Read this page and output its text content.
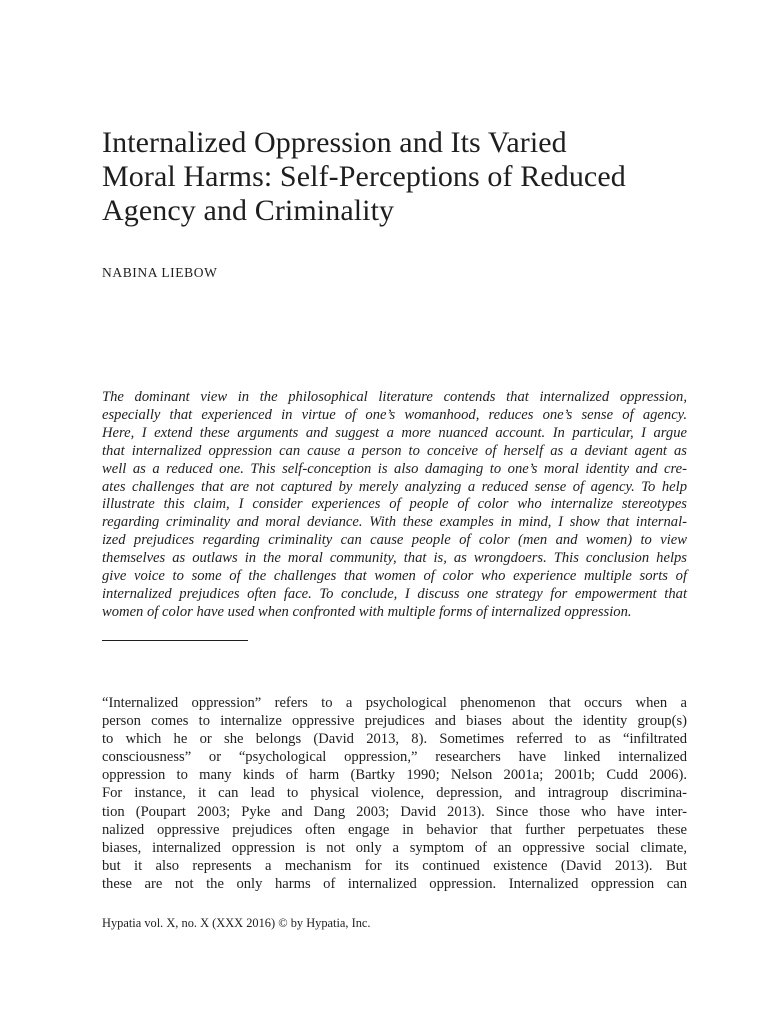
Internalized Oppression and Its Varied
Moral Harms: Self-Perceptions of Reduced
Agency and Criminality

NABINA LIEBOW

The dominant view in the philosophical literature contends that internalized oppression,
especially that experienced in virtue of one’s womanhood, reduces one’s sense of agency.
Here, I extend these arguments and suggest a more nuanced account. In particular, I argue
that internalized oppression can cause a person to conceive of herself as a deviant agent as
well as a reduced one. This self-conception is also damaging to one’s moral identity and cre-
ates challenges that are not captured by merely analyzing a reduced sense of agency. To help
illustrate this claim, I consider experiences of people of color who internalize stereotypes
regarding criminality and moral deviance. With these examples in mind, I show that internal-
ized prejudices regarding criminality can cause people of color (men and women) to view
themselves as outlaws in the moral community, that is, as wrongdoers. This conclusion helps
give voice to some of the challenges that women of color who experience multiple sorts of
internalized prejudices often face. To conclude, I discuss one strategy for empowerment that
women of color have used when confronted with multiple forms of internalized oppression.
“Internalized oppression” refers to a psychological phenomenon that occurs when a
person comes to internalize oppressive prejudices and biases about the identity group(s)
to which he or she belongs (David 2013, 8). Sometimes referred to as “infiltrated
consciousness” or “psychological oppression,” researchers have linked internalized
oppression to many kinds of harm (Bartky 1990; Nelson 2001a; 2001b; Cudd 2006).
For instance, it can lead to physical violence, depression, and intragroup discrimina-
tion (Poupart 2003; Pyke and Dang 2003; David 2013). Since those who have inter-
nalized oppressive prejudices often engage in behavior that further perpetuates these
biases, internalized oppression is not only a symptom of an oppressive social climate,
but it also represents a mechanism for its continued existence (David 2013). But
these are not the only harms of internalized oppression. Internalized oppression can

Hypatia vol. X, no. X (XXX 2016) © by Hypatia, Inc.
